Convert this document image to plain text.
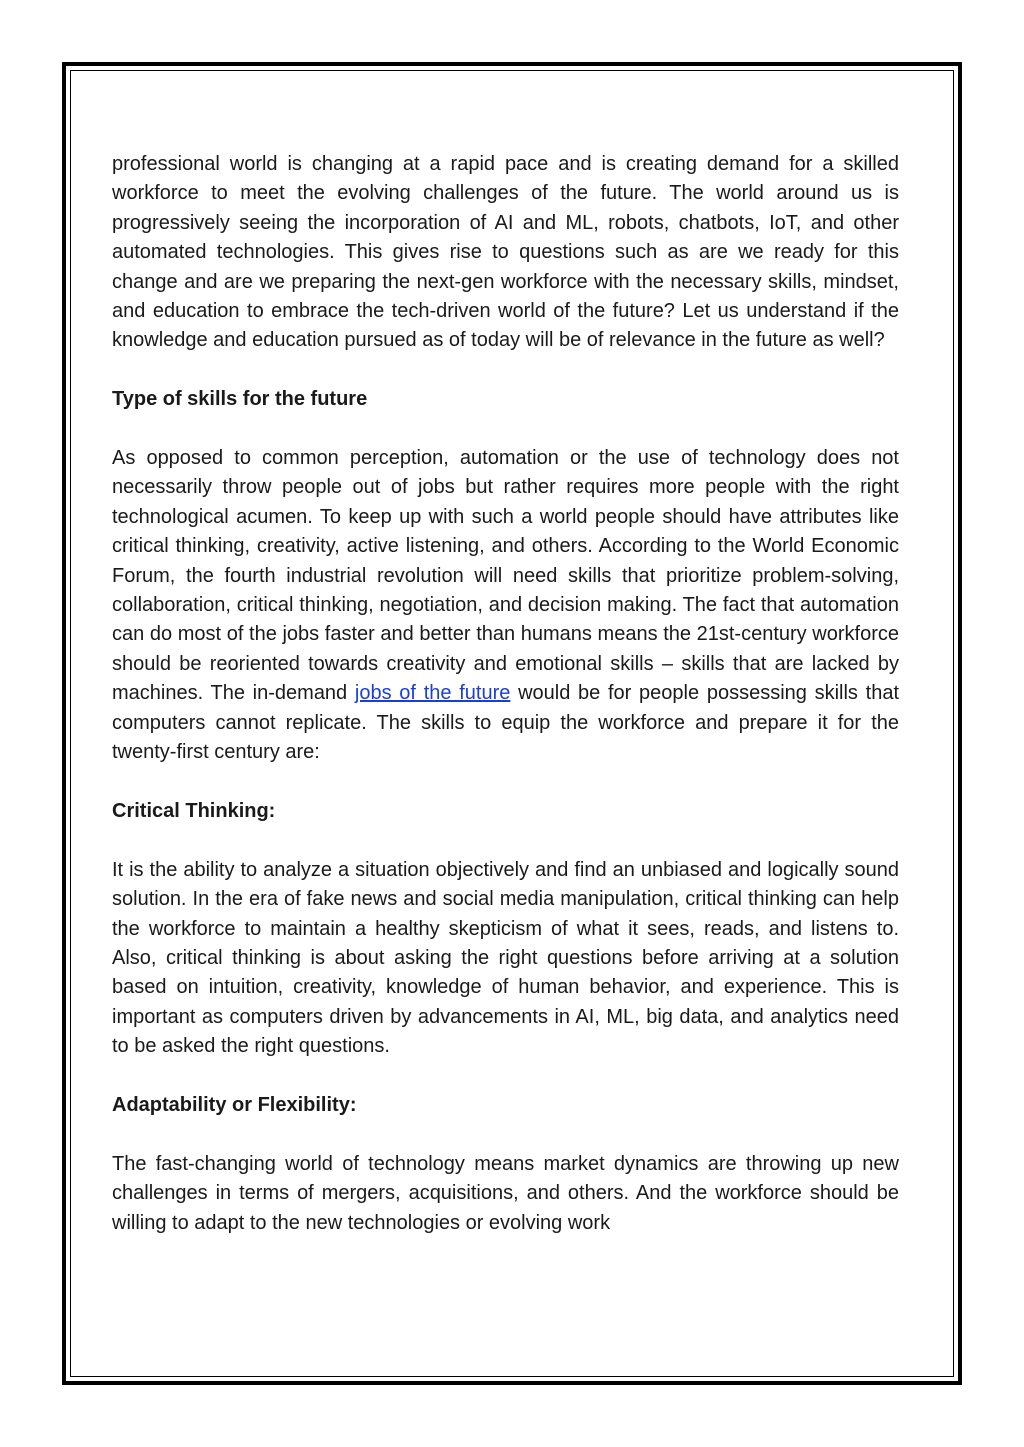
professional world is changing at a rapid pace and is creating demand for a skilled workforce to meet the evolving challenges of the future. The world around us is progressively seeing the incorporation of AI and ML, robots, chatbots, IoT, and other automated technologies. This gives rise to questions such as are we ready for this change and are we preparing the next-gen workforce with the necessary skills, mindset, and education to embrace the tech-driven world of the future? Let us understand if the knowledge and education pursued as of today will be of relevance in the future as well?

Type of skills for the future

As opposed to common perception, automation or the use of technology does not necessarily throw people out of jobs but rather requires more people with the right technological acumen. To keep up with such a world people should have attributes like critical thinking, creativity, active listening, and others. According to the World Economic Forum, the fourth industrial revolution will need skills that prioritize problem-solving, collaboration, critical thinking, negotiation, and decision making. The fact that automation can do most of the jobs faster and better than humans means the 21st-century workforce should be reoriented towards creativity and emotional skills – skills that are lacked by machines. The in-demand jobs of the future would be for people possessing skills that computers cannot replicate. The skills to equip the workforce and prepare it for the twenty-first century are:

Critical Thinking:

It is the ability to analyze a situation objectively and find an unbiased and logically sound solution. In the era of fake news and social media manipulation, critical thinking can help the workforce to maintain a healthy skepticism of what it sees, reads, and listens to. Also, critical thinking is about asking the right questions before arriving at a solution based on intuition, creativity, knowledge of human behavior, and experience. This is important as computers driven by advancements in AI, ML, big data, and analytics need to be asked the right questions.

Adaptability or Flexibility:

The fast-changing world of technology means market dynamics are throwing up new challenges in terms of mergers, acquisitions, and others. And the workforce should be willing to adapt to the new technologies or evolving work
